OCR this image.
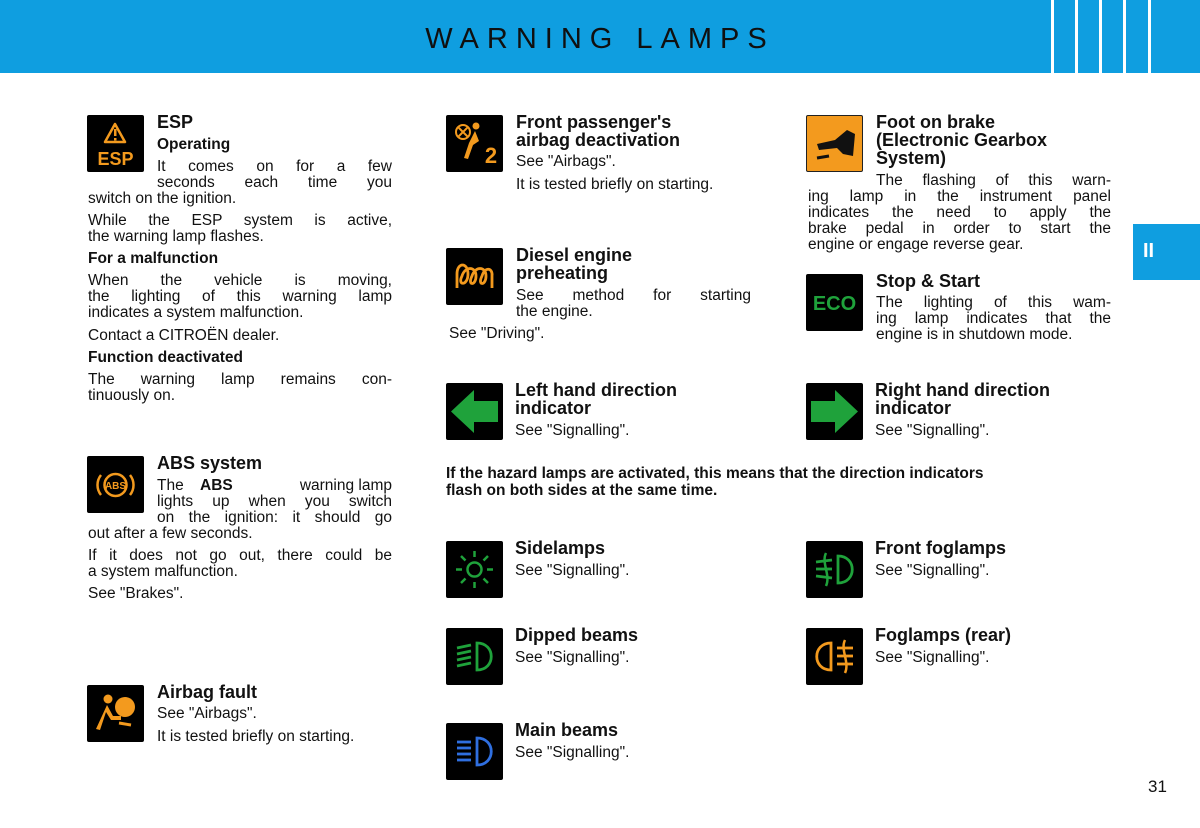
WARNING LAMPS
II
ESP
ESP
Operating
It comes on for a few
seconds each time you
switch on the ignition.
While the ESP system is active,
the warning lamp flashes.
For a malfunction
When the vehicle is moving,
the lighting of this warning lamp
indicates a system malfunction.
Contact a CITROËN dealer.
Function deactivated
The warning lamp remains con-
tinuously on.
ABS
ABS system
The ABS	warning lamp
lights up when you switch
on the ignition: it should go
out after a few seconds.
If it does not go out, there could be
a system malfunction.
See "Brakes".
Airbag fault
See "Airbags".
It is tested briefly on starting.
2
Front passenger's
airbag deactivation
See "Airbags".
It is tested briefly on starting.
Diesel engine
preheating
See method for starting
the engine.
See "Driving".
Left hand direction
indicator
See "Signalling".
If the hazard lamps are activated, this means that the direction indicators
flash on both sides at the same time.
Sidelamps
See "Signalling".
Dipped beams
See "Signalling".
Main beams
See "Signalling".
Foot on brake
(Electronic Gearbox
System)
The flashing of this warn-
ing lamp in the instrument panel
indicates the need to apply the
brake pedal in order to start the
engine or engage reverse gear.
ECO
Stop & Start
The lighting of this wam-
ing lamp indicates that the
engine is in shutdown mode.
Right hand direction
indicator
See "Signalling".
Front foglamps
See "Signalling".
Foglamps (rear)
See "Signalling".
31
